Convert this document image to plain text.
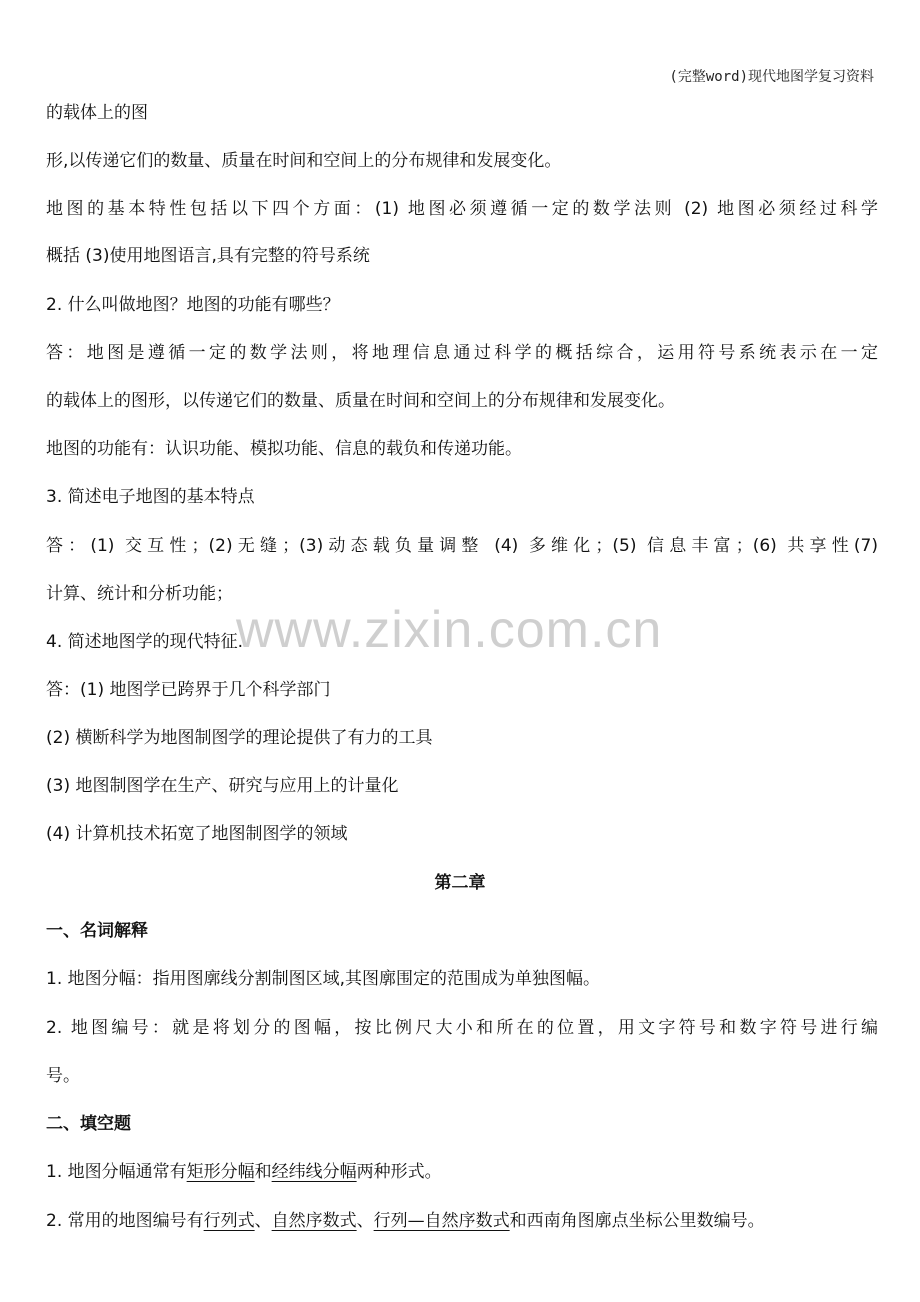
(完整word)现代地图学复习资料
www.zixin.com.cn
的载体上的图
形,以传递它们的数量、质量在时间和空间上的分布规律和发展变化。
地图的基本特性包括以下四个方面：(1) 地图必须遵循一定的数学法则 (2) 地图必须经过科学
概括 (3)使用地图语言,具有完整的符号系统
2. 什么叫做地图？地图的功能有哪些？
答：地图是遵循一定的数学法则，将地理信息通过科学的概括综合，运用符号系统表示在一定
的载体上的图形，以传递它们的数量、质量在时间和空间上的分布规律和发展变化。
地图的功能有：认识功能、模拟功能、信息的载负和传递功能。
3. 简述电子地图的基本特点
答：(1) 交互性；(2)无缝；(3)动态载负量调整 (4) 多维化；(5) 信息丰富；(6) 共享性(7)
计算、统计和分析功能；
4. 简述地图学的现代特征.
答：(1) 地图学已跨界于几个科学部门
(2) 横断科学为地图制图学的理论提供了有力的工具
(3) 地图制图学在生产、研究与应用上的计量化
(4) 计算机技术拓宽了地图制图学的领域
第二章
一、名词解释
1. 地图分幅：指用图廓线分割制图区域,其图廓围定的范围成为单独图幅。
2. 地图编号：就是将划分的图幅，按比例尺大小和所在的位置，用文字符号和数字符号进行编
号。
二、填空题
1. 地图分幅通常有矩形分幅和经纬线分幅两种形式。
2. 常用的地图编号有行列式、自然序数式、行列—自然序数式和西南角图廓点坐标公里数编号。
